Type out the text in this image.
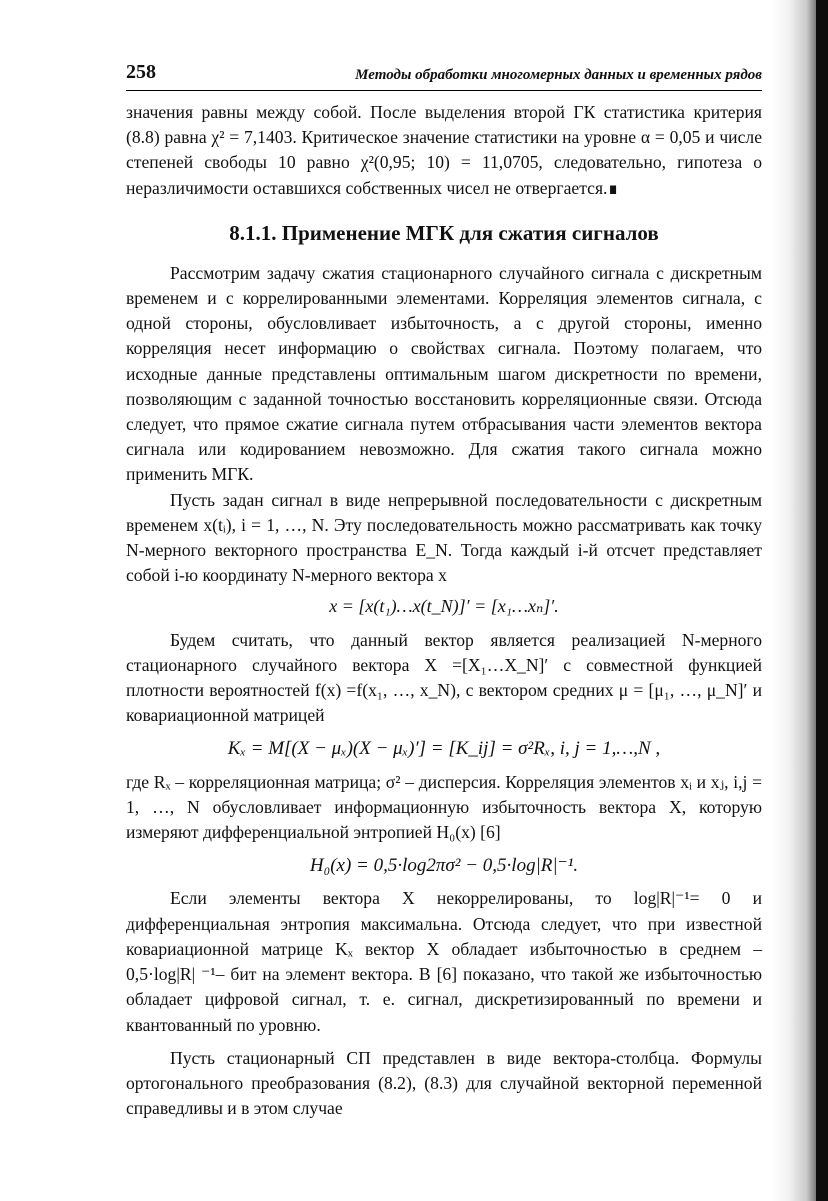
258	Методы обработки многомерных данных и временных рядов

значения равны между собой. После выделения второй ГК статистика критерия (8.8) равна χ² = 7,1403. Критическое значение статистики на уровне α = 0,05 и числе степеней свободы 10 равно χ²(0,95; 10) = 11,0705, следовательно, гипотеза о неразличимости оставшихся собственных чисел не отвергается.∎

8.1.1. Применение МГК для сжатия сигналов

Рассмотрим задачу сжатия стационарного случайного сигнала с дискретным временем и с коррелированными элементами. Корреляция элементов сигнала, с одной стороны, обусловливает избыточность, а с другой стороны, именно корреляция несет информацию о свойствах сигнала. Поэтому полагаем, что исходные данные представлены оптимальным шагом дискретности по времени, позволяющим с заданной точностью восстановить корреляционные связи. Отсюда следует, что прямое сжатие сигнала путем отбрасывания части элементов вектора сигнала или кодированием невозможно. Для сжатия такого сигнала можно применить МГК.

Пусть задан сигнал в виде непрерывной последовательности с дискретным временем x(tᵢ), i = 1, …, N. Эту последовательность можно рассматривать как точку N-мерного векторного пространства E_N. Тогда каждый i-й отсчет представляет собой i-ю координату N-мерного вектора x

x = [x(t₁)…x(t_N)]′ = [x₁…xₙ]′.

Будем считать, что данный вектор является реализацией N-мерного стационарного случайного вектора X =[X₁…X_N]′ с совместной функцией плотности вероятностей f(x) =f(x₁, …, x_N), с вектором средних μ = [μ₁, …, μ_N]′ и ковариационной матрицей

Kₓ = M[(X − μₓ)(X − μₓ)′] = [K_ij] = σ²Rₓ, i, j = 1,…,N ,

где Rₓ – корреляционная матрица; σ² – дисперсия. Корреляция элементов xᵢ и xⱼ, i,j = 1, …, N обусловливает информационную избыточность вектора X, которую измеряют дифференциальной энтропией H₀(x) [6]

H₀(x) = 0,5·log2πσ² − 0,5·log|R|⁻¹.

Если элементы вектора X некоррелированы, то log|R|⁻¹= 0 и дифференциальная энтропия максимальна. Отсюда следует, что при известной ковариационной матрице Kₓ вектор X обладает избыточностью в среднем – 0,5·log|R| ⁻¹– бит на элемент вектора. В [6] показано, что такой же избыточностью обладает цифровой сигнал, т. е. сигнал, дискретизированный по времени и квантованный по уровню.

Пусть стационарный СП представлен в виде вектора-столбца. Формулы ортогонального преобразования (8.2), (8.3) для случайной векторной переменной справедливы и в этом случае
